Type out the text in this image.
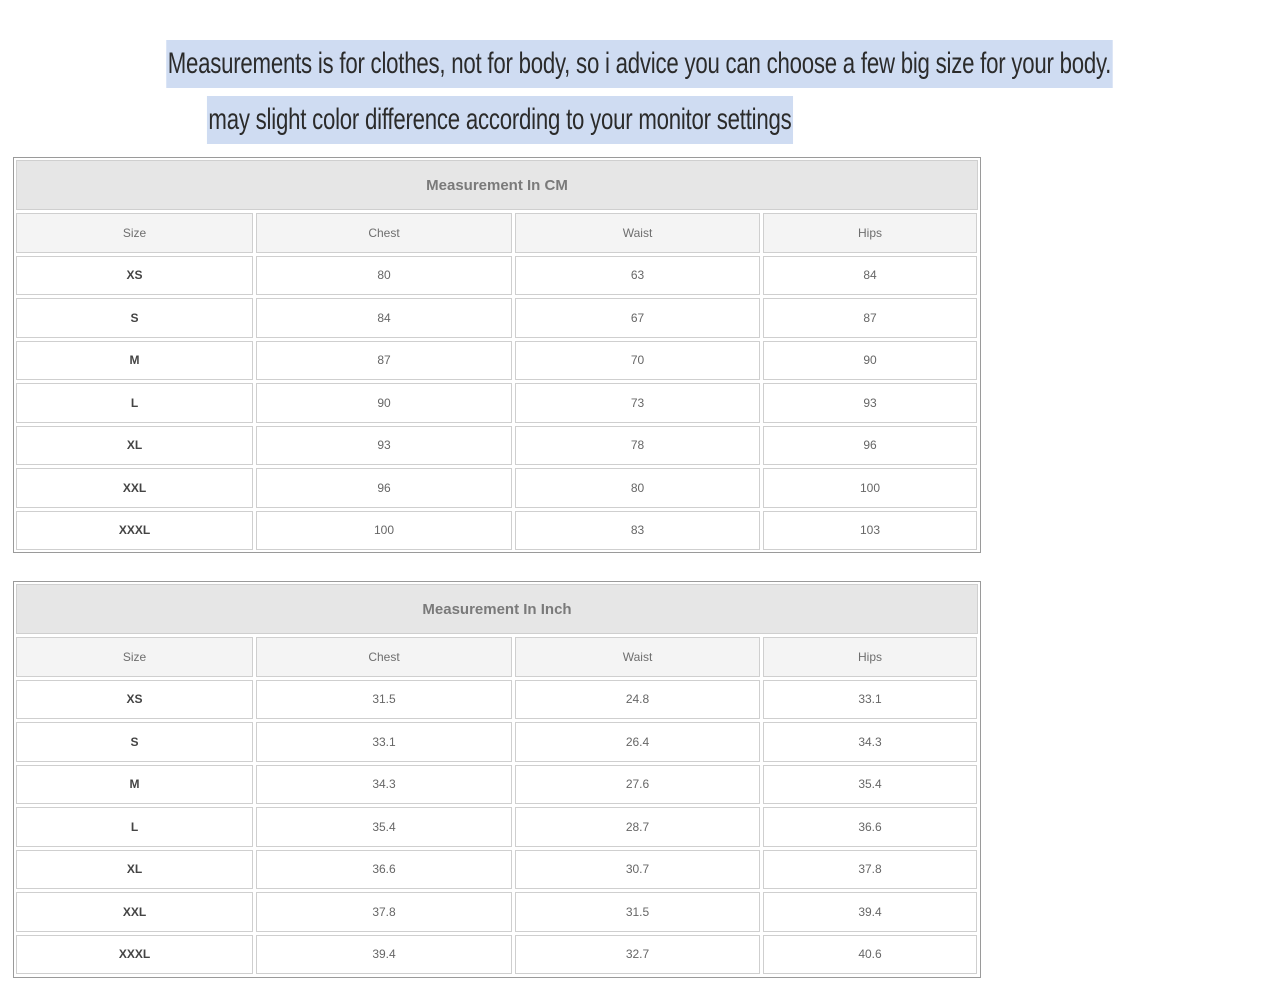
Measurements is for clothes, not for body, so i advice you can choose a few big size for your body.
may slight color difference according to your monitor settings
Measurement In CM
Size	Chest	Waist	Hips
XS	80	63	84
S	84	67	87
M	87	70	90
L	90	73	93
XL	93	78	96
XXL	96	80	100
XXXL	100	83	103
Measurement In Inch
Size	Chest	Waist	Hips
XS	31.5	24.8	33.1
S	33.1	26.4	34.3
M	34.3	27.6	35.4
L	35.4	28.7	36.6
XL	36.6	30.7	37.8
XXL	37.8	31.5	39.4
XXXL	39.4	32.7	40.6
